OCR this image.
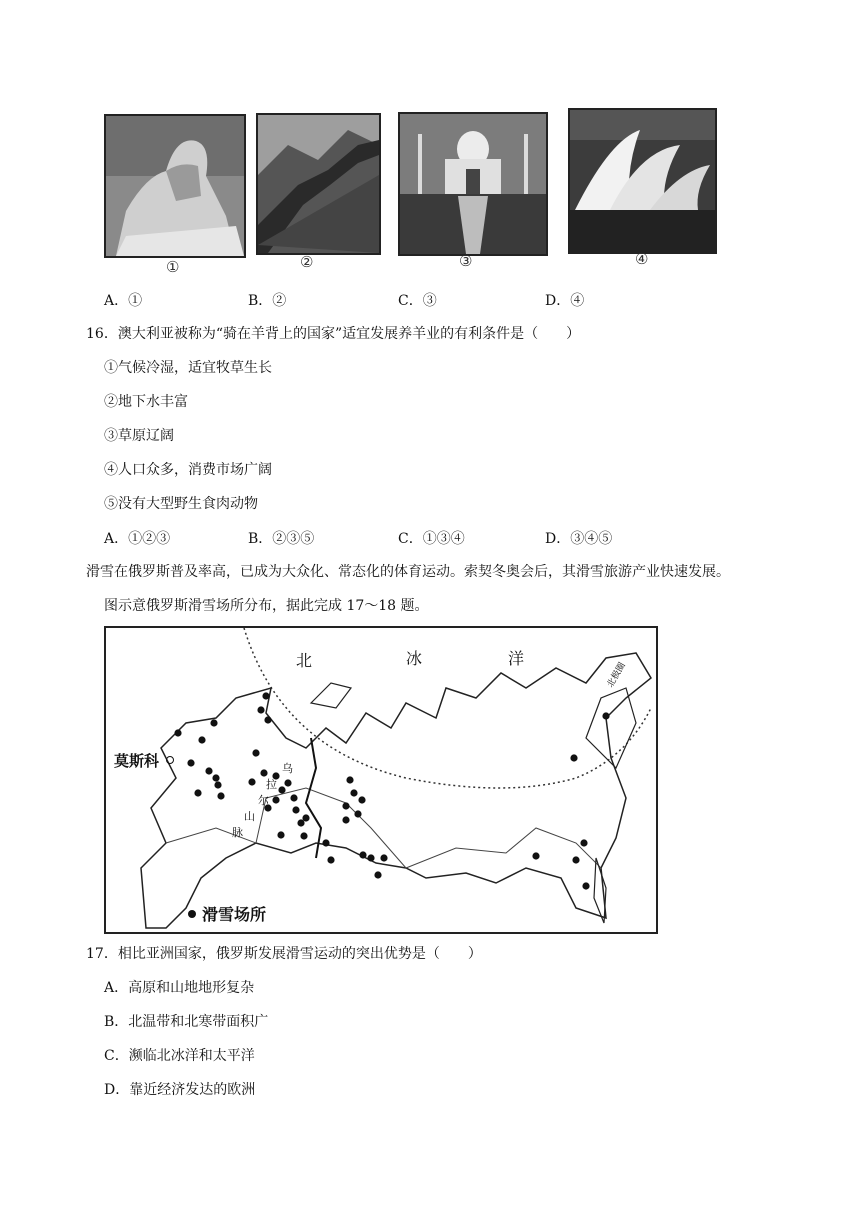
①	②	③	④
A．①	B．②	C．③	D．④
16．澳大利亚被称为“骑在羊背上的国家”适宜发展养羊业的有利条件是（　　）
①气候冷湿，适宜牧草生长
②地下水丰富
③草原辽阔
④人口众多，消费市场广阔
⑤没有大型野生食肉动物
A．①②③	B．②③⑤	C．①③④	D．③④⑤
滑雪在俄罗斯普及率高，已成为大众化、常态化的体育运动。索契冬奥会后，其滑雪旅游产业快速发展。
图示意俄罗斯滑雪场所分布，据此完成 17～18 题。
北	冰	洋
北极圈
莫斯科	乌
拉
尔
山
脉
滑雪场所
17．相比亚洲国家，俄罗斯发展滑雪运动的突出优势是（　　）
A．高原和山地地形复杂
B．北温带和北寒带面积广
C．濒临北冰洋和太平洋
D．靠近经济发达的欧洲
